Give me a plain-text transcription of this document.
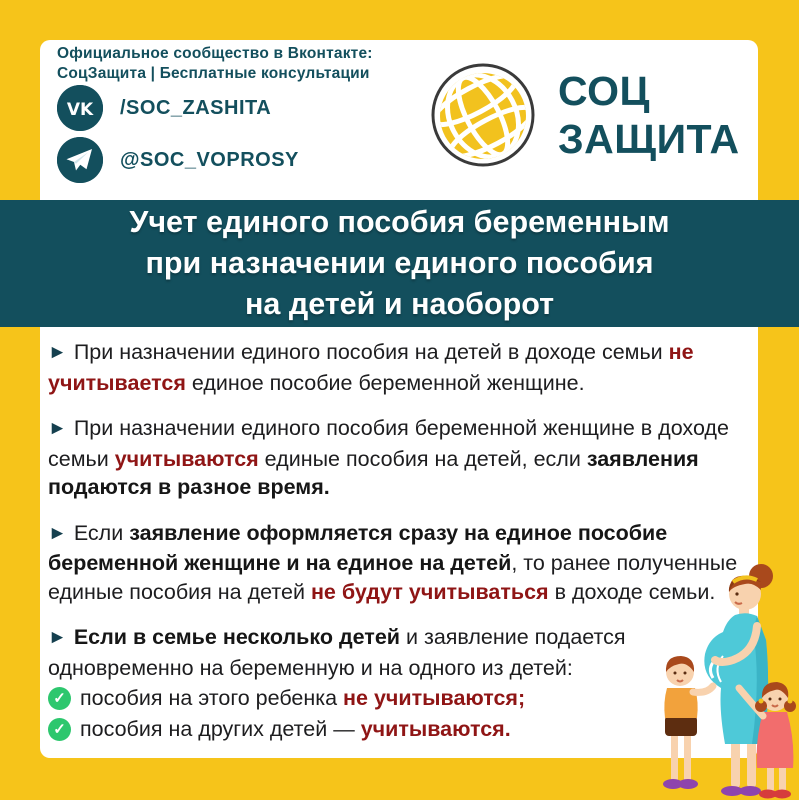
Официальное сообщество в Вконтакте:
СоцЗащита | Бесплатные консультации
VK /SOC_ZASHITA
@SOC_VOPROSY
СОЦ
ЗАЩИТА
Учет единого пособия беременным
при назначении единого пособия
на детей и наоборот

► При назначении единого пособия на детей в доходе семьи не учитывается единое пособие беременной женщине.

► При назначении единого пособия беременной женщине в доходе семьи учитываются единые пособия на детей, если заявления подаются в разное время.

► Если заявление оформляется сразу на единое пособие беременной женщине и на единое на детей, то ранее полученные единые пособия на детей не будут учитываться в доходе семьи.

► Если в семье несколько детей и заявление подается одновременно на беременную и на одного из детей:

✓ пособия на этого ребенка не учитываются;
✓ пособия на других детей — учитываются.
